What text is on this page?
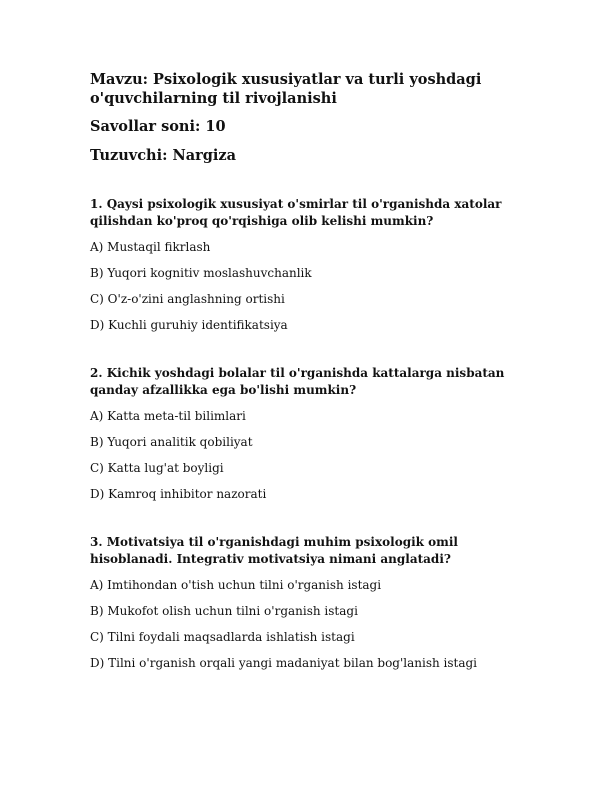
Mavzu: Psixologik xususiyatlar va turli yoshdagi o'quvchilarning til rivojlanishi
Savollar soni: 10
Tuzuvchi: Nargiza
1. Qaysi psixologik xususiyat o'smirlar til o'rganishda xatolar qilishdan ko'proq qo'rqishiga olib kelishi mumkin?
A) Mustaqil fikrlash
B) Yuqori kognitiv moslashuvchanlik
C) O'z-o'zini anglashning ortishi
D) Kuchli guruhiy identifikatsiya
2. Kichik yoshdagi bolalar til o'rganishda kattalarga nisbatan qanday afzallikka ega bo'lishi mumkin?
A) Katta meta-til bilimlari
B) Yuqori analitik qobiliyat
C) Katta lug'at boyligi
D) Kamroq inhibitor nazorati
3. Motivatsiya til o'rganishdagi muhim psixologik omil hisoblanadi. Integrativ motivatsiya nimani anglatadi?
A) Imtihondan o'tish uchun tilni o'rganish istagi
B) Mukofot olish uchun tilni o'rganish istagi
C) Tilni foydali maqsadlarda ishlatish istagi
D) Tilni o'rganish orqali yangi madaniyat bilan bog'lanish istagi
